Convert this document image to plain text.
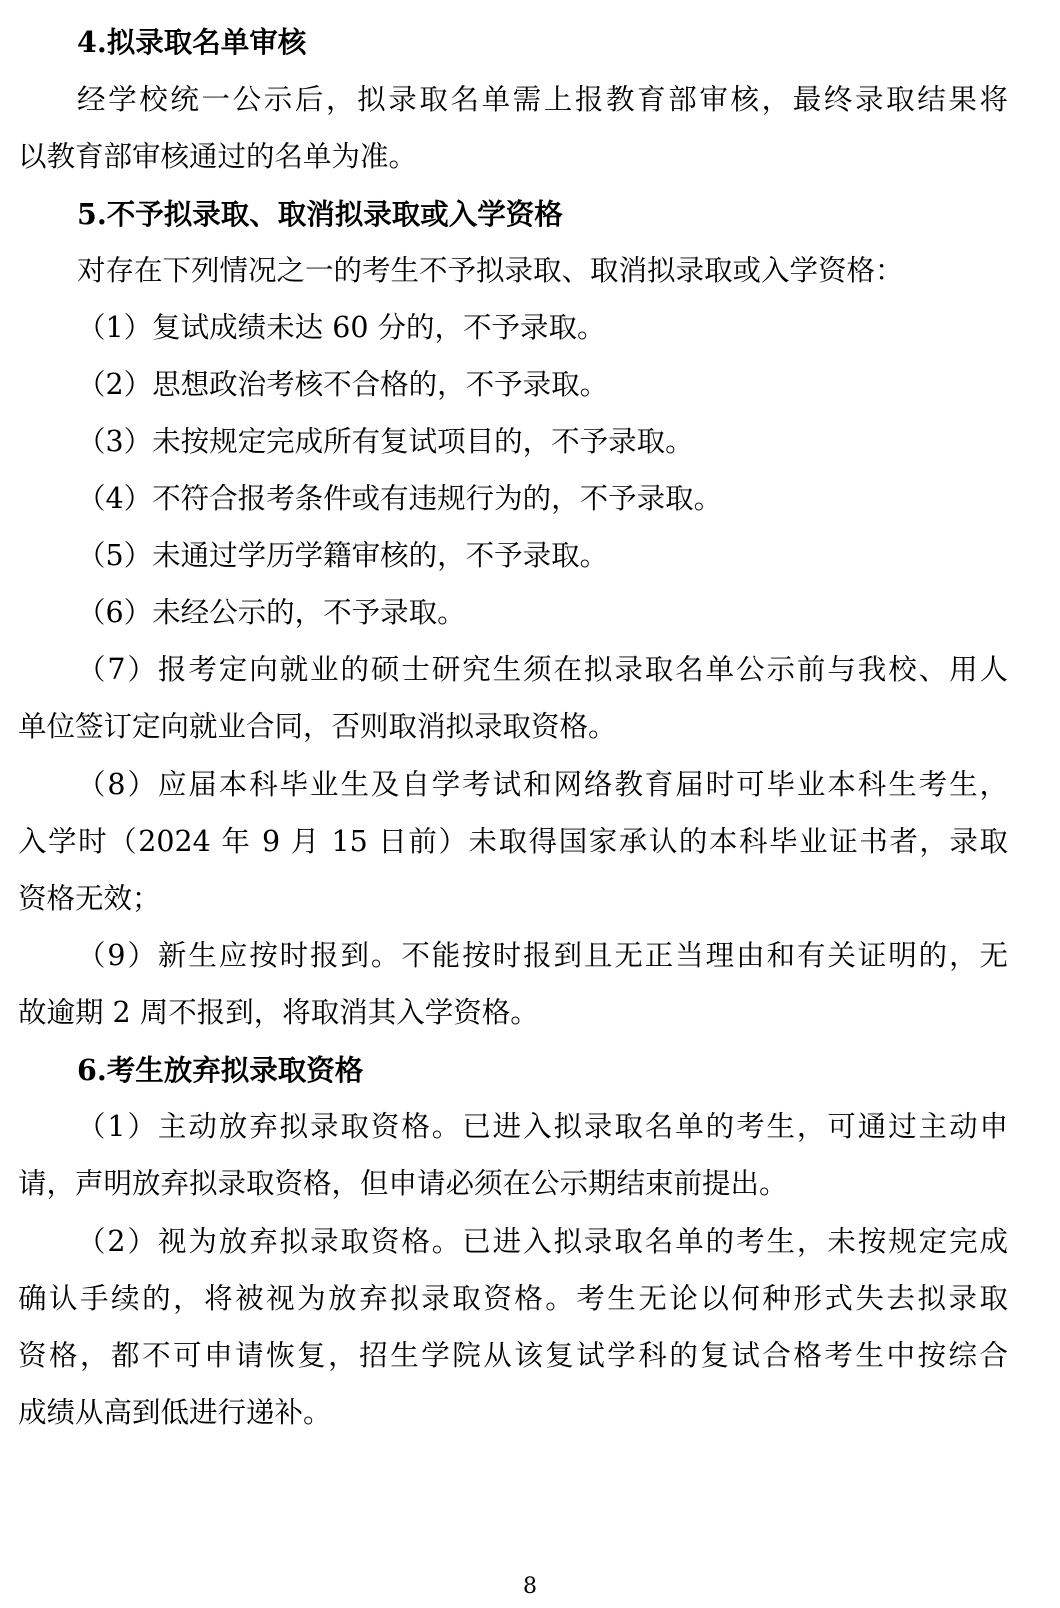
4.拟录取名单审核
经学校统一公示后，拟录取名单需上报教育部审核，最终录取结果将
以教育部审核通过的名单为准。
5.不予拟录取、取消拟录取或入学资格
对存在下列情况之一的考生不予拟录取、取消拟录取或入学资格：
（1）复试成绩未达 60 分的，不予录取。
（2）思想政治考核不合格的，不予录取。
（3）未按规定完成所有复试项目的，不予录取。
（4）不符合报考条件或有违规行为的，不予录取。
（5）未通过学历学籍审核的，不予录取。
（6）未经公示的，不予录取。
（7）报考定向就业的硕士研究生须在拟录取名单公示前与我校、用人
单位签订定向就业合同，否则取消拟录取资格。
（8）应届本科毕业生及自学考试和网络教育届时可毕业本科生考生，
入学时（2024 年 9 月 15 日前）未取得国家承认的本科毕业证书者，录取
资格无效；
（9）新生应按时报到。不能按时报到且无正当理由和有关证明的，无
故逾期 2 周不报到，将取消其入学资格。
6.考生放弃拟录取资格
（1）主动放弃拟录取资格。已进入拟录取名单的考生，可通过主动申
请，声明放弃拟录取资格，但申请必须在公示期结束前提出。
（2）视为放弃拟录取资格。已进入拟录取名单的考生，未按规定完成
确认手续的，将被视为放弃拟录取资格。考生无论以何种形式失去拟录取
资格，都不可申请恢复，招生学院从该复试学科的复试合格考生中按综合
成绩从高到低进行递补。
8
